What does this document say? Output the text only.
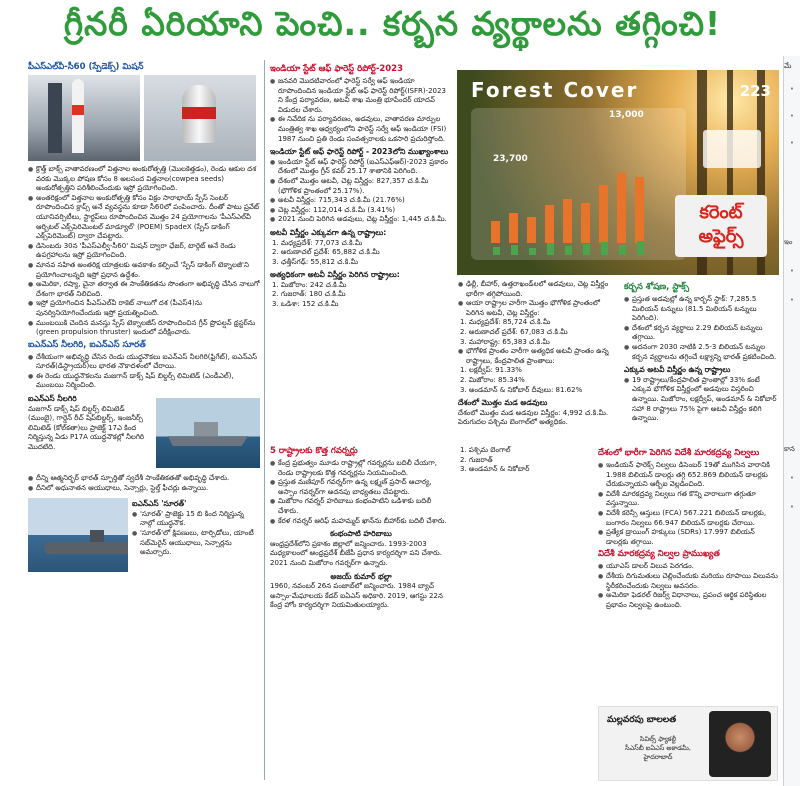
గ్రీనరీ ఏరియాని పెంచి.. కర్బన వ్యర్థాలను తగ్గించి!
పీఎస్‌ఎల్‌వీ-సీ60 (స్పేడెక్స్) మిషన్
● క్రొత్త్ బాక్స్ వాతావరణంలో విత్తనాల అంకురోత్పత్తి (మొలకెత్తడం), రెండు ఆకుల దశ వరకు మొక్కల పోషణ కోసం 8 అలసంద విత్తనాల(cowpea seeds) అంకురోత్పత్తిని పరిశీలించేందుకు ఇస్రో ప్రయోగించింది.
● అంతరిక్షంలో విత్తనాల అంకురోత్పత్తి కోసం విక్రం సారాభాయ్ స్పేస్ సెంటర్ రూపొందించిన క్రాప్స్ అనే వ్యవస్థను కూడా సీ60లో పంపించారు. దీంతో పాటు ప్రవేట్ యూనివర్సిటీలు, స్టార్ట‌ప్‌లు రూపొందించిన మొత్తం 24 ప్రయోగాలను 'పీఎస్‌ఎల్‌వీ ఆర్బిటల్ ఎక్స్‌పెరిమెంటల్ మాడ్యూల్' (POEM) SpadeX (స్పేస్ డాకింగ్ ఎక్స్‌పెరిమెంట్) ద్వారా చేపట్టారు.
● డిసెంబరు 30న 'పీఎస్ఎల్వీ-సీ60' మిషన్ ద్వారా ఛేజర్, టార్గెట్ అనే రెండు ఉపగ్రహాలను ఇస్రో ప్రయోగించింది.
● మానవ సహిత అంతరిక్ష యాత్రలకు అవకాశం కల్పించే 'స్పేస్ డాకింగ్ టెక్నాలజీ'ని ప్రయోగించాలన్నది ఇస్రో ప్రధాన ఉద్దేశం.
● అమెరికా, రష్యా, చైనా తర్వాత ఈ సాంకేతికతను సొంతంగా అభివృద్ధి చేసిన నాలుగో దేశంగా భారత్ నిలిచింది.
● ఇస్రో ప్రయోగించిన పీఎస్‌ఎల్‌వీ రాకెట్ నాలుగో దశ (పీఎస్4)ను పునర్వినియోగించేందుకు ఇస్రో ప్రయత్నించింది.
● ముంబయికి చెందిన మనస్తు స్పేస్ టెక్నాలజీస్ రూపొందించిన గ్రీన్ ప్రొపల్షన్ థ్రస్టర్‌ను (green propulsion thruster) ఇందులో పరీక్షించారు.
ఐఎన్‌ఎస్ నీలగిరి, ఐఎన్‌ఎస్ సూరత్
● దేశీయంగా అభివృద్ధి చేసిన రెండు యుద్ధనౌకలు ఐఎన్ఎస్ నీలగిరి(ఫ్రిగేట్), ఐఎన్ఎస్ సూరత్(డిస్ట్రాయర్)లు భారత నౌకాదళంలో చేరాయి.
● ఈ రెండు యుద్ధనౌకలను మజగాన్ డాక్స్ షిప్ బిల్డర్స్ లిమిటెడ్ (ఎండీఎల్), ముంబయి నిర్మించింది.
ఐఎన్ఎస్ నీలగిరి
మజగాన్ డాక్స్ షిప్ బిల్డర్స్ లిమిటెడ్ (ముంబై), గార్డెన్ రీచ్ షిప్‌బిల్డర్స్, ఇంజనీర్స్ లిమిటెడ్ (కోల్‌కతా)లు ప్రాజెక్ట్ 17ఎ కింద నిర్మిస్తున్న ఏడు P17A యుద్ధనౌకల్లో నీలగిరి మొదటిది.
● దీన్ని ఆత్మనిర్భర్ భారత్ స్ఫూర్తితో స్వదేశీ సాంకేతికతతో అభివృద్ధి చేశారు.
● దీనిలో అధునాతన ఆయుధాలు, సెన్సార్లు, స్టెల్త్ ఫీచర్లు ఉన్నాయి.
ఐఎన్ఎస్ 'సూరత్'
● 'సూరత్' ప్రాజెక్టు 15 బి కింద నిర్మిస్తున్న నాల్గో యుద్ధనౌక.
● 'సూరత్'లో క్షిపణులు, టార్పిడోలు, యాంటీ సబ్‌మెరైన్ ఆయుధాలు, సెన్సార్లను అమర్చారు.
ఇండియా స్టేట్ ఆఫ్ ఫారెస్ట్ రిపోర్ట్-2023
● జనవరి మొదటివారంలో ఫారెస్ట్ సర్వే ఆఫ్ ఇండియా రూపొందించిన ఇండియా స్టేట్ ఆఫ్ ఫారెస్ట్ రిపోర్ట్(ISFR)-2023 ని కేంద్ర పర్యావరణ, అటవీ శాఖ మంత్రి భూపేందర్ యాదవ్ విడుదల చేశారు.
● ఈ నివేదిక ను పర్యావరణం, అడవులు, వాతావరణ మార్పుల మంత్రిత్వ శాఖ ఆధ్వర్యంలోని ఫారెస్ట్ సర్వే ఆఫ్ ఇండియా (FSI) 1987 నుంచి ప్రతి రెండు సంవత్సరాలకు ఒకసారి ప్రచురిస్తోంది.
ఇండియా స్టేట్ ఆఫ్ ఫారెస్ట్ రిపోర్ట్ - 2023లోని ముఖ్యాంశాలు
● ఇండియా స్టేట్ ఆఫ్ ఫారెస్ట్ రిపోర్ట్ (ఐఎస్ఎఫ్ఆర్)-2023 ప్రకారం దేశంలో మొత్తం గ్రీన్ కవర్ 25.17 శాతానికి పెరిగింది.
● దేశంలో మొత్తం అటవీ, చెట్ల విస్తీర్ణం: 827,357 చ.కి.మీ (భౌగోళిక ప్రాంతంలో 25.17%).
● అటవీ విస్తీర్ణం: 715,343 చ.కి.మీ (21.76%)
● చెట్ల విస్తీర్ణం: 112,014 చ.కి.మీ (3.41%)
● 2021 నుంచి పెరిగిన అడవులు, చెట్ల విస్తీర్ణం: 1,445 చ.కి.మీ.
అటవీ విస్తీర్ణం ఎక్కువగా ఉన్న రాష్ట్రాలు:
1. మధ్యప్రదేశ్: 77,073 చ.కి.మీ
2. అరుణాచల్ ప్రదేశ్: 65,882 చ.కి.మీ
3. ఛత్తీస్‌గఢ్: 55,812 చ.కి.మీ
అత్యధికంగా అటవీ విస్తీర్ణం పెరిగిన రాష్ట్రాలు:
1. మిజోరాం: 242 చ.కి.మీ
2. గుజరాత్: 180 చ.కి.మీ
3. ఒడిశా: 152 చ.కి.మీ
5 రాష్ట్రాలకు కొత్త గవర్నర్లు
● కేంద్ర ప్రభుత్వం మూడు రాష్ట్రాల్లో గవర్నర్లను బదిలీ చేయగా, రెండు రాష్ట్రాలకు కొత్త గవర్నర్లను నియమించింది.
● ప్రస్తుత మణిపూర్ గవర్నర్‌గా ఉన్న లక్ష్మణ్ ప్రసాద్ ఆచార్య, అస్సాం గవర్నర్‌గా అదనపు బాధ్యతలు చేపట్టారు.
● మిజోరాం గవర్నర్ హరిబాబు కంభంపాటిని ఒడిశాకు బదిలీ చేశారు.
● కేరళ గవర్నర్ ఆరిఫ్ మహమ్మద్ ఖాన్‌ను బీహార్‌కు బదిలీ చేశారు.
కంభంపాటి హరిబాబు
ఆంధ్రప్రదేశ్‌లోని ప్రకాశం జిల్లాలో జన్మించారు. 1993-2003 మధ్యకాలంలో ఆంధ్రప్రదేశ్ బీజేపీ ప్రధాన కార్యదర్శిగా పని చేశారు. 2021 నుంచి మిజోరాం గవర్నర్‌గా ఉన్నారు.
అజయ్ కుమార్ భల్లా
1960, నవంబర్ 26న పంజాబ్‌లో జన్మించారు. 1984 బ్యాచ్ అస్సాం-మేఘాలయ కేడర్ ఐఏఎస్ అధికారి. 2019, ఆగస్టు 22న కేంద్ర హోం కార్యదర్శిగా నియమితులయ్యారు.
● ఢిల్లీ, బీహార్, ఉత్తరాఖండ్‌లలో అడవులు, చెట్ల విస్తీర్ణం భారీగా తగ్గిపోయింది.
● ఆయా రాష్ట్రాల వారీగా మొత్తం భౌగోళిక ప్రాంతంలో పెరిగిన అటవీ, చెట్ల విస్తీర్ణం:
1. మధ్యప్రదేశ్: 85,724 చ.కి.మీ
2. అరుణాచల్ ప్రదేశ్: 67,083 చ.కి.మీ
3. మహారాష్ట్ర: 65,383 చ.కి.మీ
● భౌగోళిక ప్రాంతం వారీగా అత్యధిక అటవీ ప్రాంతం ఉన్న రాష్ట్రాలు, కేంద్రపాలిత ప్రాంతాలు:
1. లక్షద్వీప్: 91.33%
2. మిజోరాం: 85.34%
3. అండమాన్ & నికోబార్ దీవులు: 81.62%
దేశంలో మొత్తం మడ అడవులు
దేశంలో మొత్తం మడ అడవుల విస్తీర్ణం: 4,992 చ.కి.మీ. పెరుగుదల పశ్చిమ బెంగాల్‌లో అత్యధికం.
కర్బన శోషణ, స్టాక్స్
● ప్రస్తుత అడవుల్లో ఉన్న కార్బన్ స్టాక్: 7,285.5 మిలియన్ టన్నులు (81.5 మిలియన్ టన్నులు పెరిగింది).
● దేశంలో కర్బన వ్యర్థాలు 2.29 బిలియన్ టన్నులు తగ్గాయి.
● అదనంగా 2030 నాటికి 2.5-3 బిలియన్ టన్నుల కర్బన వ్యర్థాలను తగ్గించే లక్ష్యాన్ని భారత్ ప్రకటించింది.
ఎక్కువ అటవీ విస్తీర్ణం ఉన్న రాష్ట్రాలు
● 19 రాష్ట్రాలు/కేంద్రపాలిత ప్రాంతాల్లో 33% కంటే ఎక్కువ భౌగోళిక విస్తీర్ణంలో అడవులు విస్తరించి ఉన్నాయి. మిజోరాం, లక్షద్వీప్, అండమాన్ & నికోబార్ సహా 8 రాష్ట్రాలు 75% పైగా అటవీ విస్తీర్ణం కలిగి ఉన్నాయి.
దేశంలో భారీగా పెరిగిన విదేశీ మారకద్రవ్య నిల్వలు
● ఇండియన్ ఫారెక్స్ నిల్వలు డిసెంబర్ 19తో ముగిసిన వారానికి 1.988 బిలియన్ డాలర్లు తగ్గి 652.869 బిలియన్ డాలర్లకు చేరుకున్నాయని ఆర్బీఐ వెల్లడించింది.
● విదేశీ మారకద్రవ్య నిల్వలు గత కొన్ని వారాలుగా తగ్గుతూ వస్తున్నాయి.
● విదేశీ కరెన్సీ ఆస్తులు (FCA) 567.221 బిలియన్ డాలర్లకు, బంగారం నిల్వలు 66.947 బిలియన్ డాలర్లకు చేరాయి.
● ప్రత్యేక డ్రాయింగ్ హక్కులు (SDRs) 17.997 బిలియన్ డాలర్లకు తగ్గాయి.
విదేశీ మారకద్రవ్య నిల్వల ప్రాముఖ్యత
● యూఎస్ డాలర్ విలువ పెరగడం.
● దేశీయ దిగుమతులు చెల్లించేందుకు మరియు రూపాయి విలువను స్థిరీకరించేందుకు నిల్వలు అవసరం.
● అమెరికా ఫెడరల్ రిజర్వ్ విధానాలు, ప్రపంచ ఆర్థిక పరిస్థితుల ప్రభావం నిల్వలపై ఉంటుంది.
1. పశ్చిమ బెంగాల్
2. గుజరాత్
3. అండమాన్ & నికోబార్
Forest Cover	223
23,700
13,000
కరెంట్ అఫైర్స్
మల్లవరపు బాలలత
సివిల్స్ ఫ్యాకల్టీ
సీఎస్‌బీ ఐఏఎస్ అకాడమీ,
హైదరాబాద్
మే
•
•
•
ఇం
•
•
కాన
•
•
